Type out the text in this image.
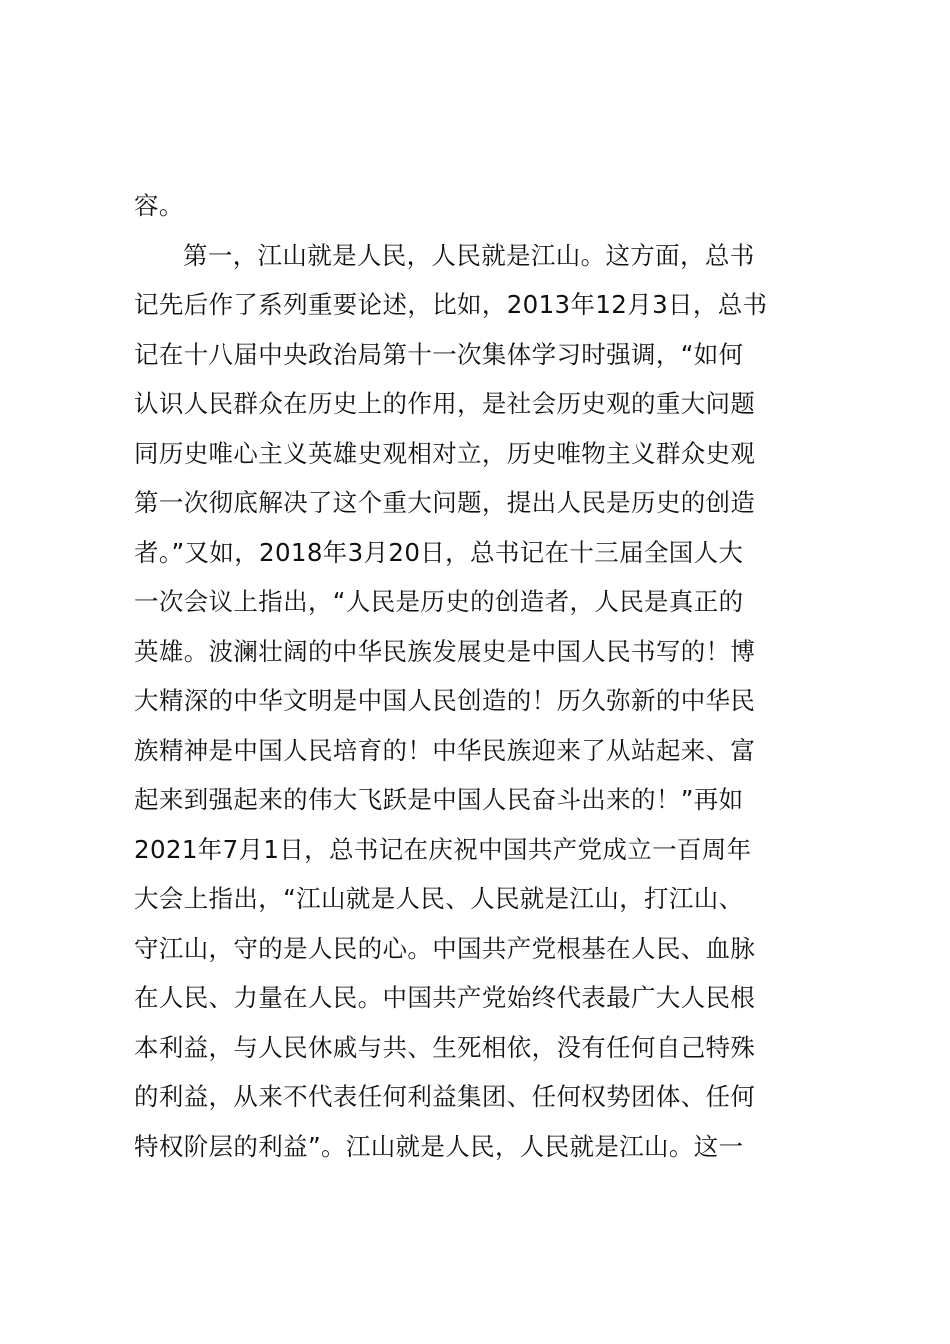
容。
第一，江山就是人民，人民就是江山。这方面，总书
记先后作了系列重要论述，比如，2013年12月3日，总书
记在十八届中央政治局第十一次集体学习时强调，“如何
认识人民群众在历史上的作用，是社会历史观的重大问题
同历史唯心主义英雄史观相对立，历史唯物主义群众史观
第一次彻底解决了这个重大问题，提出人民是历史的创造
者。”又如，2018年3月20日，总书记在十三届全国人大
一次会议上指出，“人民是历史的创造者，人民是真正的
英雄。波澜壮阔的中华民族发展史是中国人民书写的！博
大精深的中华文明是中国人民创造的！历久弥新的中华民
族精神是中国人民培育的！中华民族迎来了从站起来、富
起来到强起来的伟大飞跃是中国人民奋斗出来的！”再如
2021年7月1日，总书记在庆祝中国共产党成立一百周年
大会上指出，“江山就是人民、人民就是江山，打江山、
守江山，守的是人民的心。中国共产党根基在人民、血脉
在人民、力量在人民。中国共产党始终代表最广大人民根
本利益，与人民休戚与共、生死相依，没有任何自己特殊
的利益，从来不代表任何利益集团、任何权势团体、任何
特权阶层的利益”。江山就是人民，人民就是江山。这一
